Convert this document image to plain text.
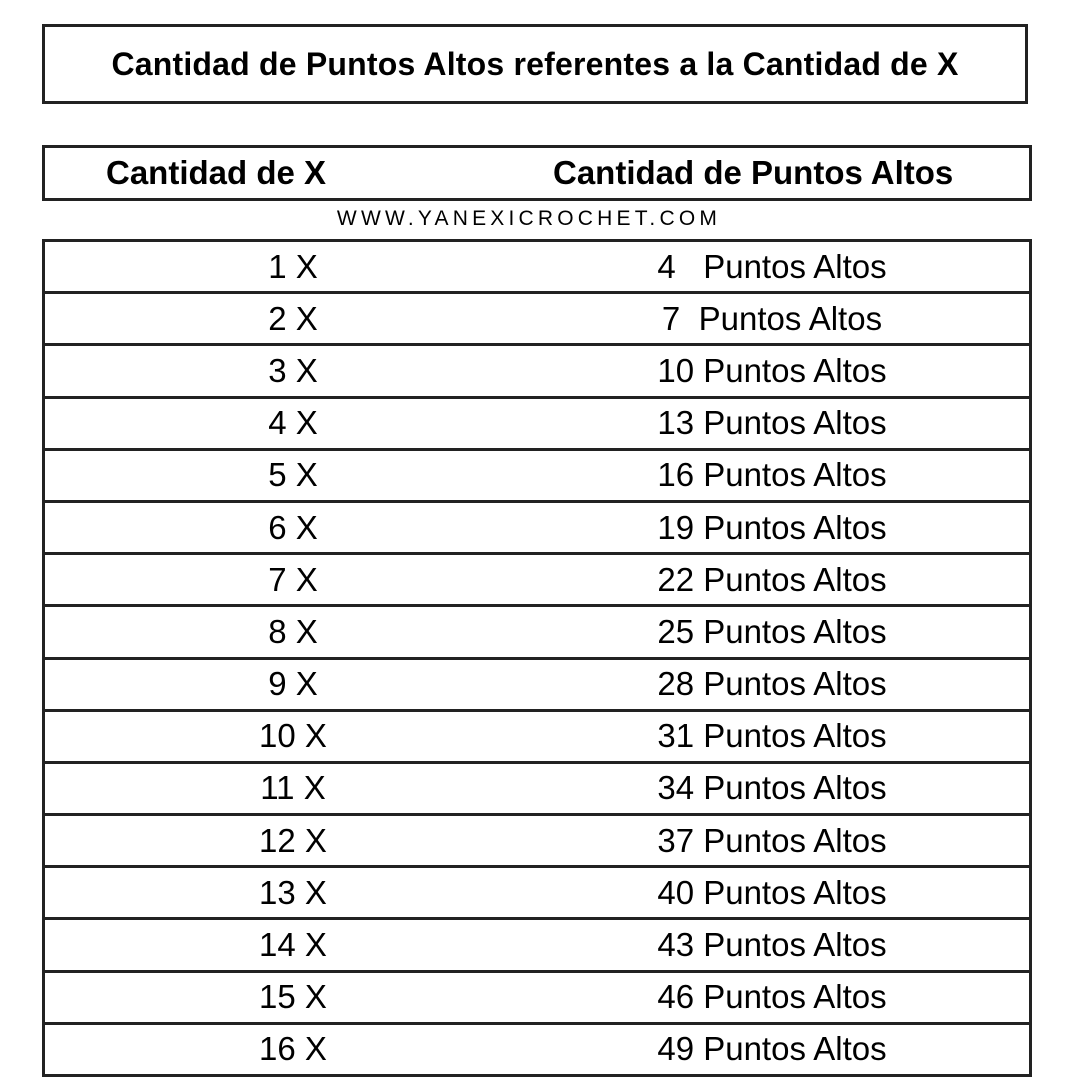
Cantidad de Puntos Altos referentes a la Cantidad de X
Cantidad de X	Cantidad de Puntos Altos
WWW.YANEXICROCHET.COM
1 X	4   Puntos Altos
2 X	7  Puntos Altos
3 X	10 Puntos Altos
4 X	13 Puntos Altos
5 X	16 Puntos Altos
6 X	19 Puntos Altos
7 X	22 Puntos Altos
8 X	25 Puntos Altos
9 X	28 Puntos Altos
10 X	31 Puntos Altos
11 X	34 Puntos Altos
12 X	37 Puntos Altos
13 X	40 Puntos Altos
14 X	43 Puntos Altos
15 X	46 Puntos Altos
16 X	49 Puntos Altos
